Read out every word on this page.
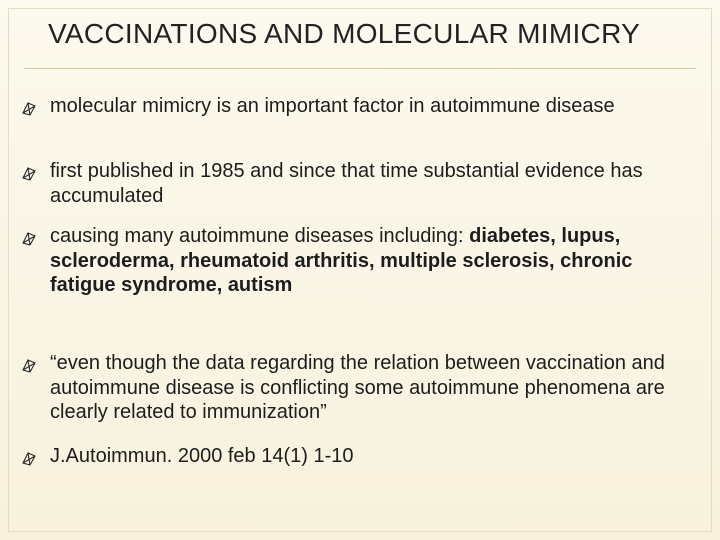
VACCINATIONS AND MOLECULAR MIMICRY
molecular mimicry is an important factor in autoimmune disease
first published in 1985 and since that time substantial evidence has accumulated
causing many autoimmune diseases including: diabetes, lupus, scleroderma, rheumatoid arthritis, multiple sclerosis, chronic fatigue syndrome, autism
“even though the data regarding the relation between vaccination and autoimmune disease is conflicting some autoimmune phenomena are clearly related to immunization”
J.Autoimmun. 2000 feb 14(1) 1-10
